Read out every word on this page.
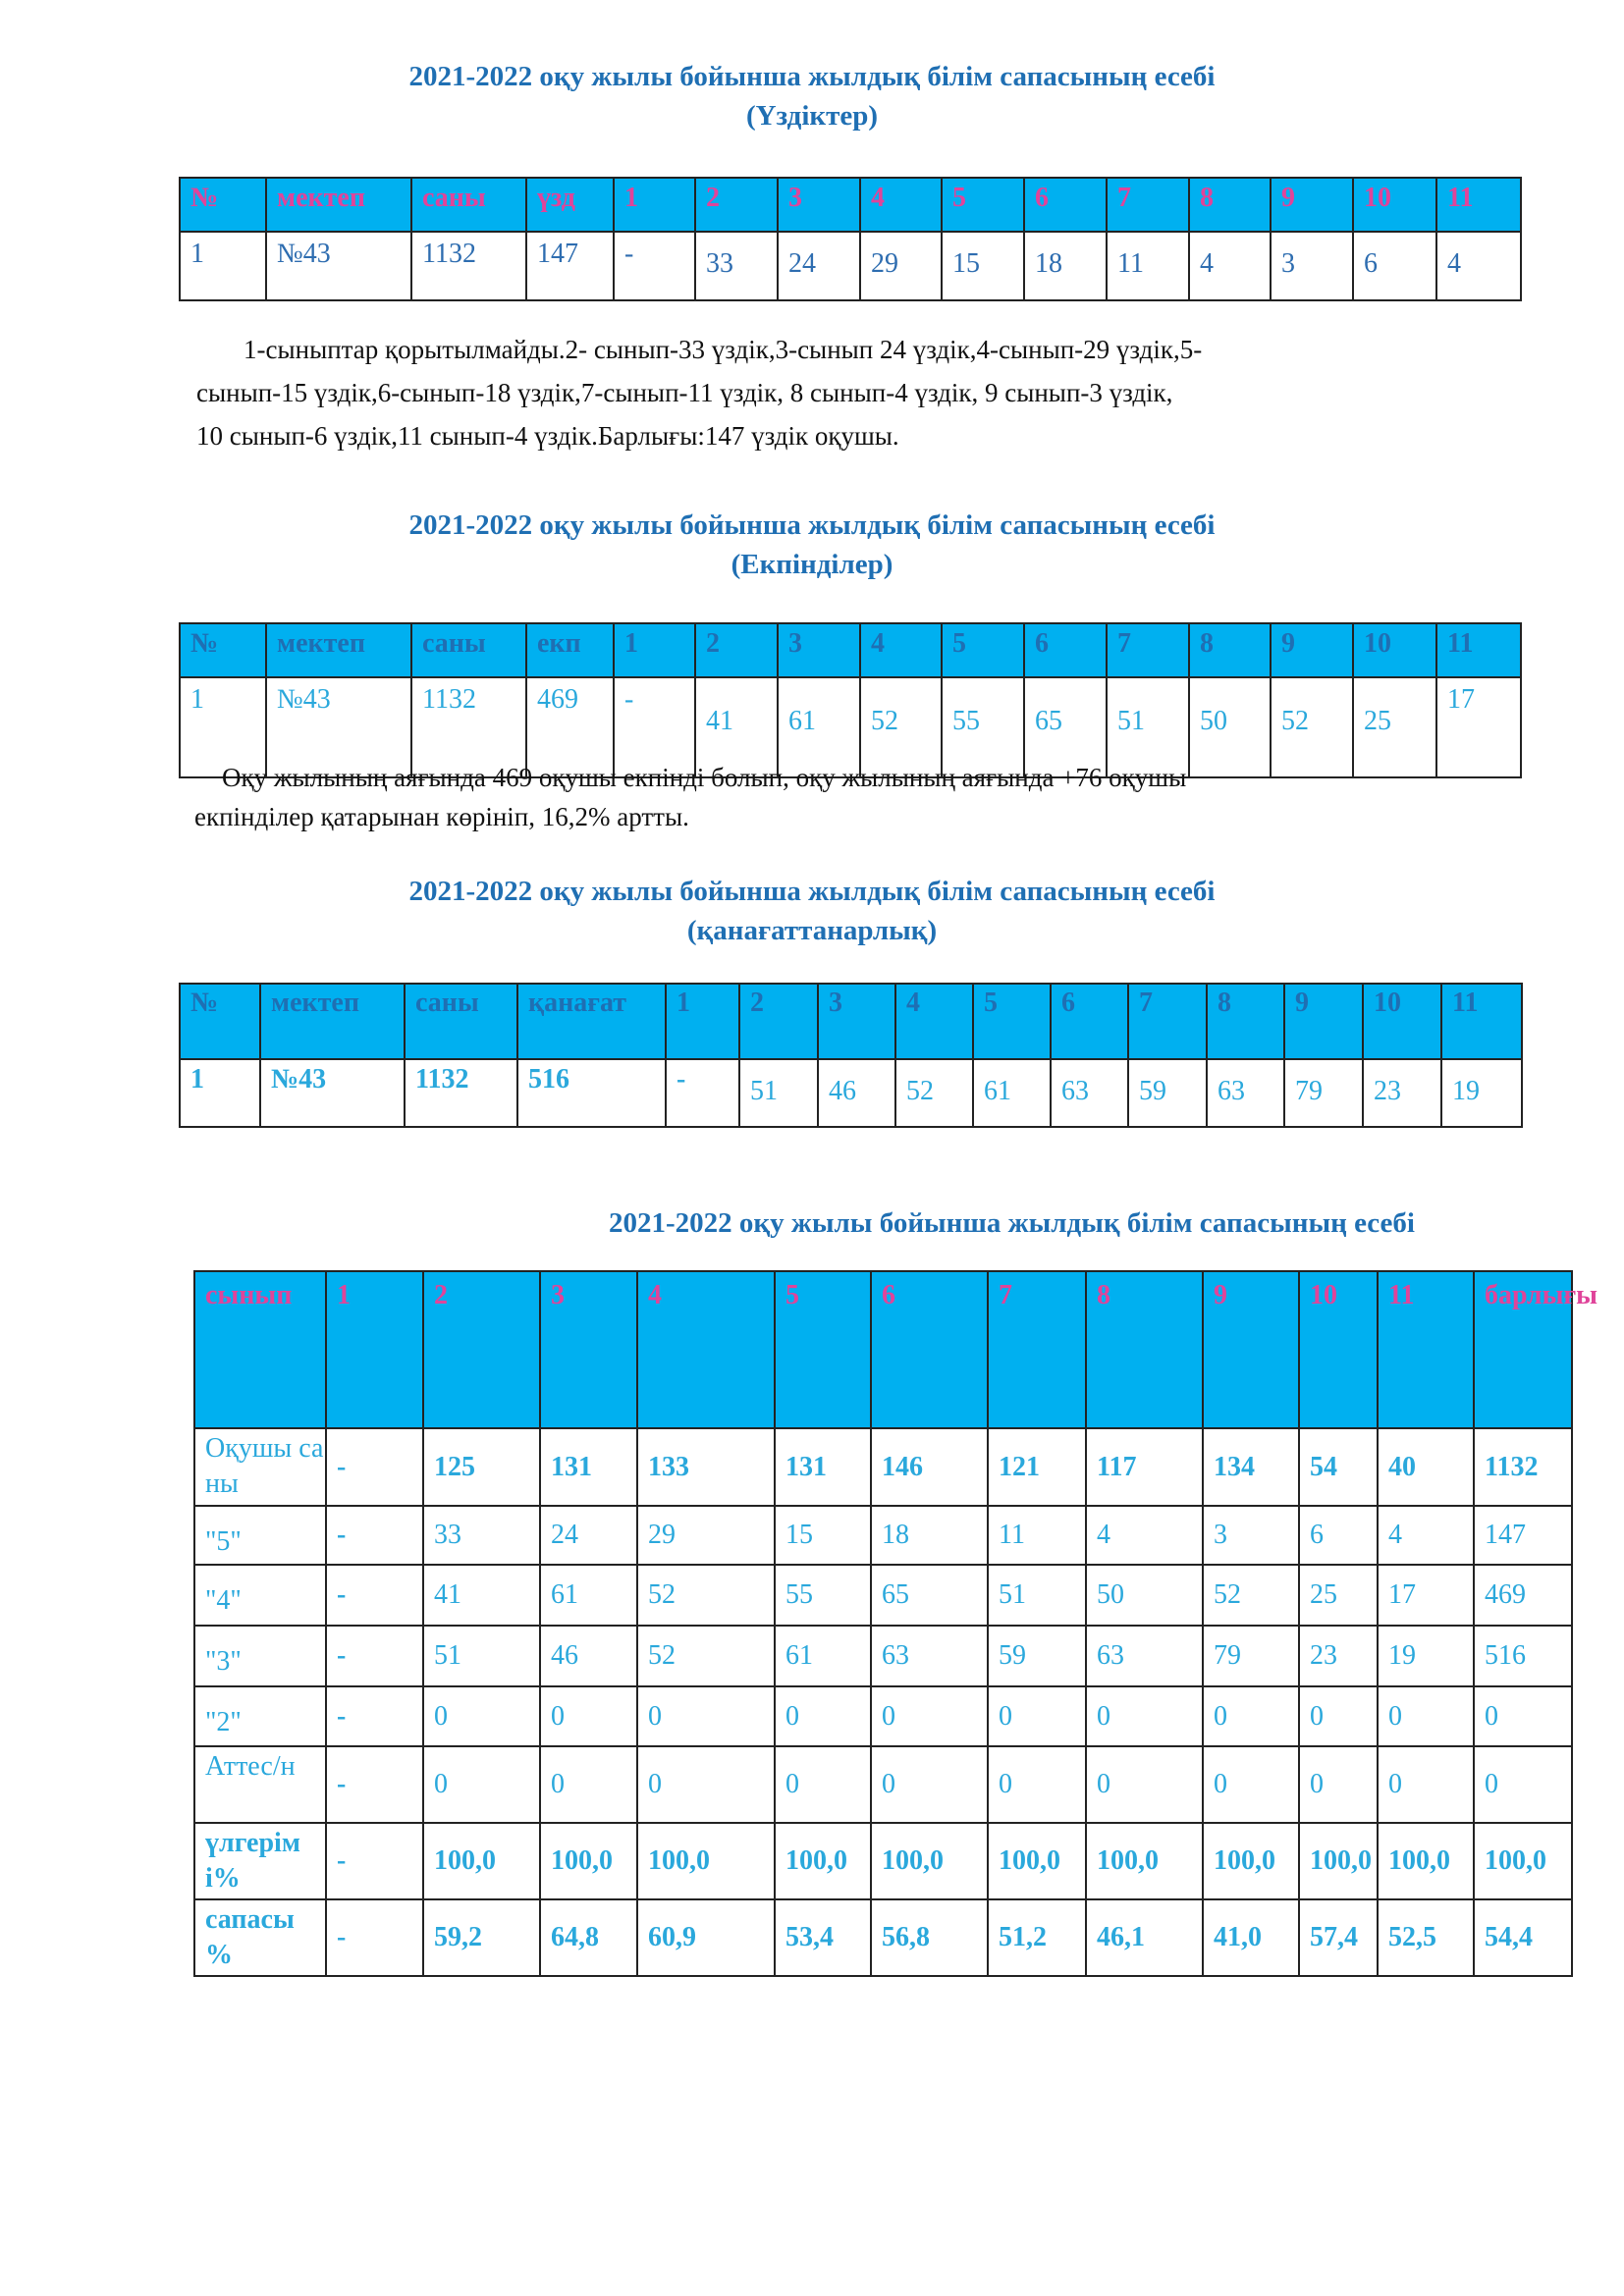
2021-2022 оқу жылы бойынша жылдық білім сапасының есебі
(Үздіктер)
№	мектеп	саны	үзд	1	2	3	4	5	6	7	8	9	10	11
1	№43	1132	147	-	33	24	29	15	18	11	4	3	6	4
1-сыныптар қорытылмайды.2- сынып-33 үздік,3-сынып 24 үздік,4-сынып-29 үздік,5-
сынып-15 үздік,6-сынып-18 үздік,7-сынып-11 үздік, 8 сынып-4 үздік, 9 сынып-3 үздік,
10 сынып-6 үздік,11 сынып-4 үздік.Барлығы:147 үздік оқушы.
2021-2022 оқу жылы бойынша жылдық білім сапасының есебі
(Екпінділер)
№	мектеп	саны	екп	1	2	3	4	5	6	7	8	9	10	11
1	№43	1132	469	-	41	61	52	55	65	51	50	52	25	17
Оқу жылының аяғында 469 оқушы екпінді болып, оқу жылының аяғында +76 оқушы
екпінділер қатарынан көрініп, 16,2% артты.
2021-2022 оқу жылы бойынша жылдық білім сапасының есебі
(қанағаттанарлық)
№	мектеп	саны	қанағат	1	2	3	4	5	6	7	8	9	10	11
1	№43	1132	516	-	51	46	52	61	63	59	63	79	23	19
2021-2022 оқу жылы бойынша жылдық білім сапасының есебі
сынып	1	2	3	4	5	6	7	8	9	10	11	барлығы
Оқушы саны	-	125	131	133	131	146	121	117	134	54	40	1132
"5"	-	33	24	29	15	18	11	4	3	6	4	147
"4"	-	41	61	52	55	65	51	50	52	25	17	469
"3"	-	51	46	52	61	63	59	63	79	23	19	516
"2"	-	0	0	0	0	0	0	0	0	0	0	0
Аттес/н	-	0	0	0	0	0	0	0	0	0	0	0
үлгерімі%	-	100,0	100,0	100,0	100,0	100,0	100,0	100,0	100,0	100,0	100,0	100,0
сапасы %	-	59,2	64,8	60,9	53,4	56,8	51,2	46,1	41,0	57,4	52,5	54,4
